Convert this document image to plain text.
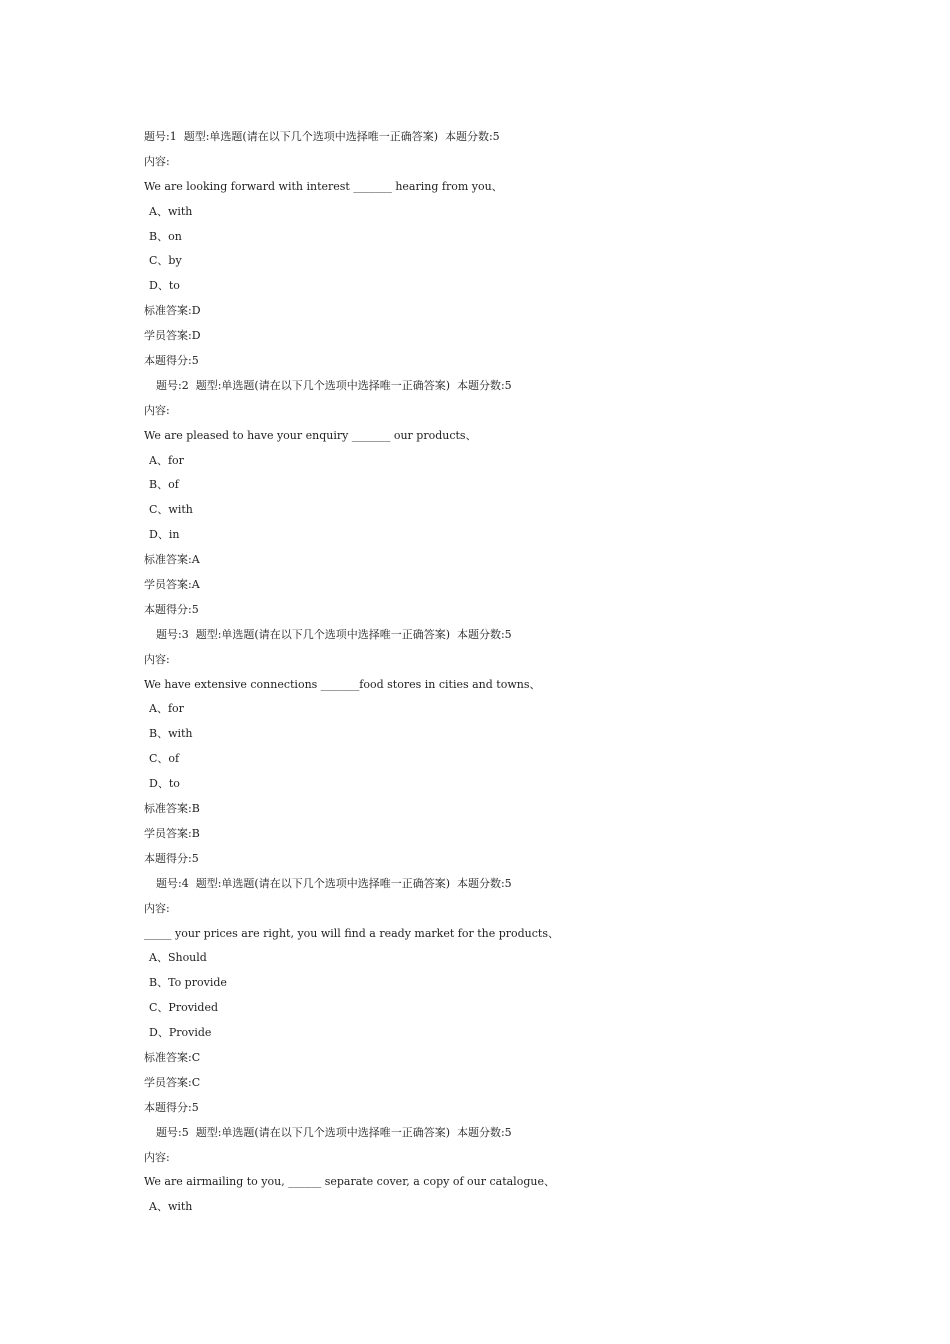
题号:1  题型:单选题(请在以下几个选项中选择唯一正确答案)  本题分数:5
内容:
We are looking forward with interest _______ hearing from you、
A、with
B、on
C、by
D、to
标准答案:D
学员答案:D
本题得分:5
题号:2  题型:单选题(请在以下几个选项中选择唯一正确答案)  本题分数:5
内容:
We are pleased to have your enquiry _______ our products、
A、for
B、of
C、with
D、in
标准答案:A
学员答案:A
本题得分:5
题号:3  题型:单选题(请在以下几个选项中选择唯一正确答案)  本题分数:5
内容:
We have extensive connections _______food stores in cities and towns、
A、for
B、with
C、of
D、to
标准答案:B
学员答案:B
本题得分:5
题号:4  题型:单选题(请在以下几个选项中选择唯一正确答案)  本题分数:5
内容:
_____ your prices are right, you will find a ready market for the products、
A、Should
B、To provide
C、Provided
D、Provide
标准答案:C
学员答案:C
本题得分:5
题号:5  题型:单选题(请在以下几个选项中选择唯一正确答案)  本题分数:5
内容:
We are airmailing to you, ______ separate cover, a copy of our catalogue、
A、with
